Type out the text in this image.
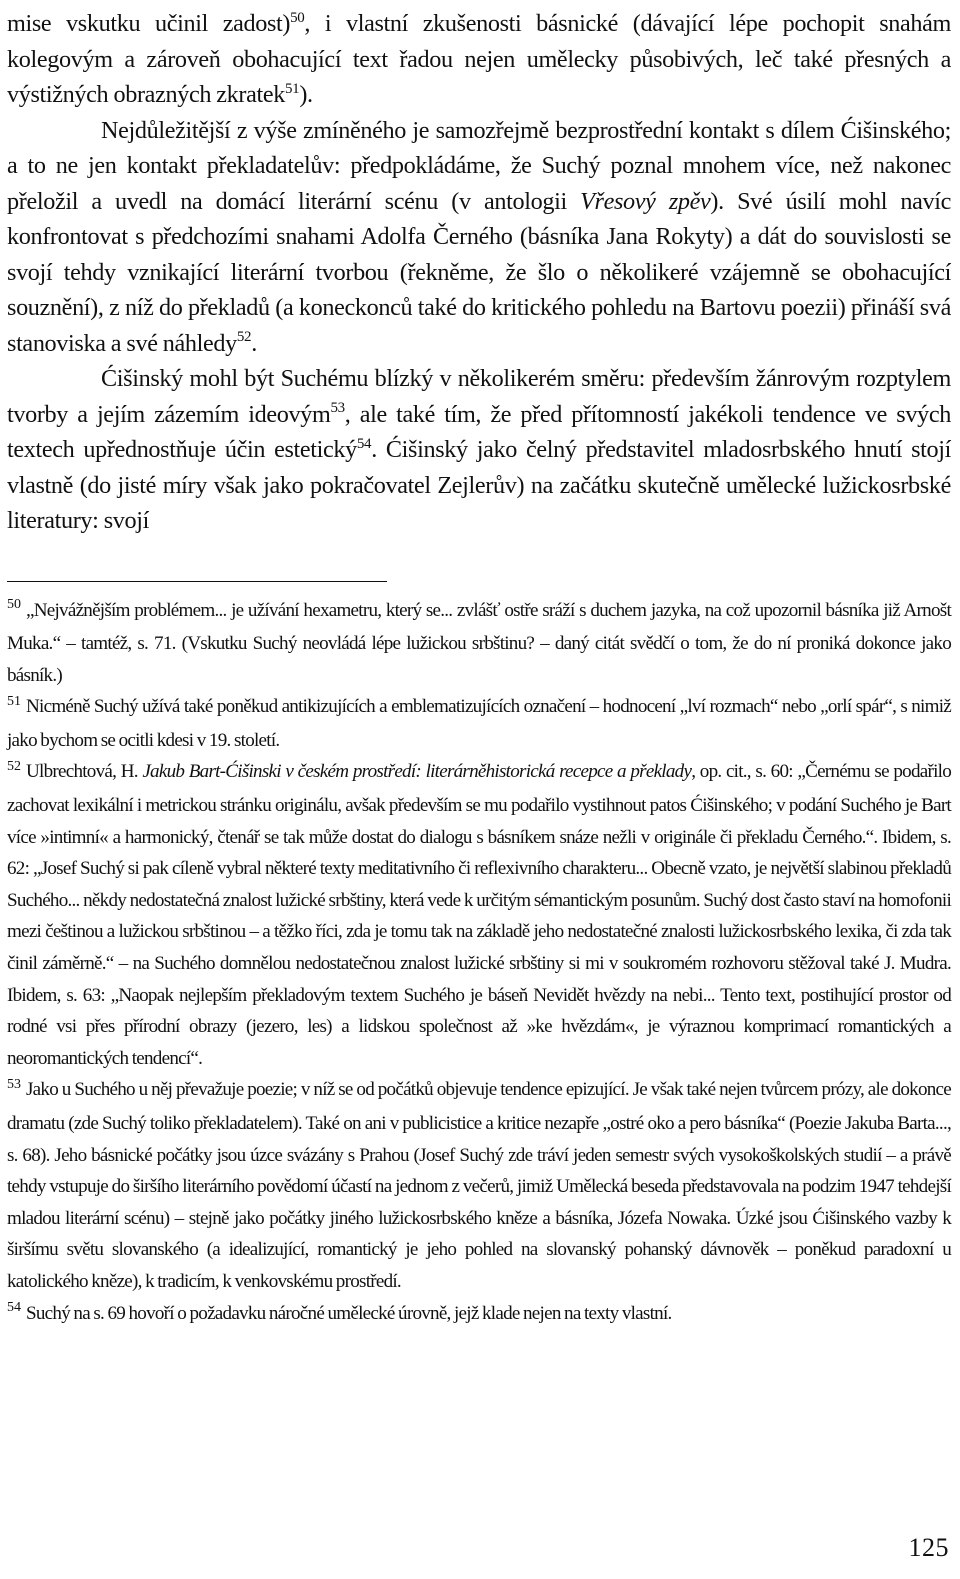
mise vskutku učinil zadost)$^{50}$, i vlastní zkušenosti básnické (dávající lépe pochopit snahám kolegovým a zároveň obohacující text řadou nejen umělecky působivých, leč také přesných a výstižných obrazných zkratek$^{51}$).

Nejdůležitější z výše zmíněného je samozřejmě bezprostřední kontakt s dílem Ćišinského; a to ne jen kontakt překladatelův: předpokládáme, že Suchý poznal mnohem více, než nakonec přeložil a uvedl na domácí literární scénu (v antologii Vřesový zpěv). Své úsilí mohl navíc konfrontovat s předchozími snahami Adolfa Černého (básníka Jana Rokyty) a dát do souvislosti se svojí tehdy vznikající literární tvorbou (řekněme, že šlo o několikeré vzájemně se obohacující souznění), z níž do překladů (a koneckonců také do kritického pohledu na Bartovu poezii) přináší svá stanoviska a své náhledy$^{52}$.

Ćišinský mohl být Suchému blízký v několikerém směru: především žánrovým rozptylem tvorby a jejím zázemím ideovým$^{53}$, ale také tím, že před přítomností jakékoli tendence ve svých textech upřednostňuje účin estetický$^{54}$. Ćišinský jako čelný představitel mladosrbského hnutí stojí vlastně (do jisté míry však jako pokračovatel Zejlerův) na začátku skutečně umělecké lužickosrbské literatury: svojí

$^{50}$ „Nejvážnějším problémem... je užívání hexametru, který se... zvlášť ostře sráží s duchem jazyka, na což upozornil básníka již Arnošt Muka.“ – tamtéž, s. 71. (Vskutku Suchý neovládá lépe lužickou srbštinu? – daný citát svědčí o tom, že do ní proniká dokonce jako básník.)

$^{51}$ Nicméně Suchý užívá také poněkud antikizujících a emblematizujících označení – hodnocení „lví rozmach“ nebo „orlí spár“, s nimiž jako bychom se ocitli kdesi v 19. století.

$^{52}$ Ulbrechtová, H. Jakub Bart-Ćišinski v českém prostředí: literárněhistorická recepce a překlady, op. cit., s. 60: „Černému se podařilo zachovat lexikální i metrickou stránku originálu, avšak především se mu podařilo vystihnout patos Ćišinského; v podání Suchého je Bart více »intimní« a harmonický, čtenář se tak může dostat do dialogu s básníkem snáze nežli v originále či překladu Černého.“. Ibidem, s. 62: „Josef Suchý si pak cíleně vybral některé texty meditativního či reflexivního charakteru... Obecně vzato, je největší slabinou překladů Suchého... někdy nedostatečná znalost lužické srbštiny, která vede k určitým sémantickým posunům. Suchý dost často staví na homofonii mezi češtinou a lužickou srbštinou – a těžko říci, zda je tomu tak na základě jeho nedostatečné znalosti lužickosrbského lexika, či zda tak činil záměrně.“ – na Suchého domnělou nedostatečnou znalost lužické srbštiny si mi v soukromém rozhovoru stěžoval také J. Mudra. Ibidem, s. 63: „Naopak nejlepším překladovým textem Suchého je báseň Nevidět hvězdy na nebi... Tento text, postihující prostor od rodné vsi přes přírodní obrazy (jezero, les) a lidskou společnost až »ke hvězdám«, je výraznou komprimací romantických a neoromantických tendencí“.

$^{53}$ Jako u Suchého u něj převažuje poezie; v níž se od počátků objevuje tendence epizující. Je však také nejen tvůrcem prózy, ale dokonce dramatu (zde Suchý toliko překladatelem). Také on ani v publicistice a kritice nezapře „ostré oko a pero básníka“ (Poezie Jakuba Barta..., s. 68). Jeho básnické počátky jsou úzce svázány s Prahou (Josef Suchý zde tráví jeden semestr svých vysokoškolských studií – a právě tehdy vstupuje do širšího literárního povědomí účastí na jednom z večerů, jimiž Umělecká beseda představovala na podzim 1947 tehdejší mladou literární scénu) – stejně jako počátky jiného lužickosrbského kněze a básníka, Józefa Nowaka. Úzké jsou Ćišinského vazby k širšímu světu slovanského (a idealizující, romantický je jeho pohled na slovanský pohanský dávnověk – poněkud paradoxní u katolického kněze), k tradicím, k venkovskému prostředí.

$^{54}$ Suchý na s. 69 hovoří o požadavku náročné umělecké úrovně, jejž klade nejen na texty vlastní.

125
